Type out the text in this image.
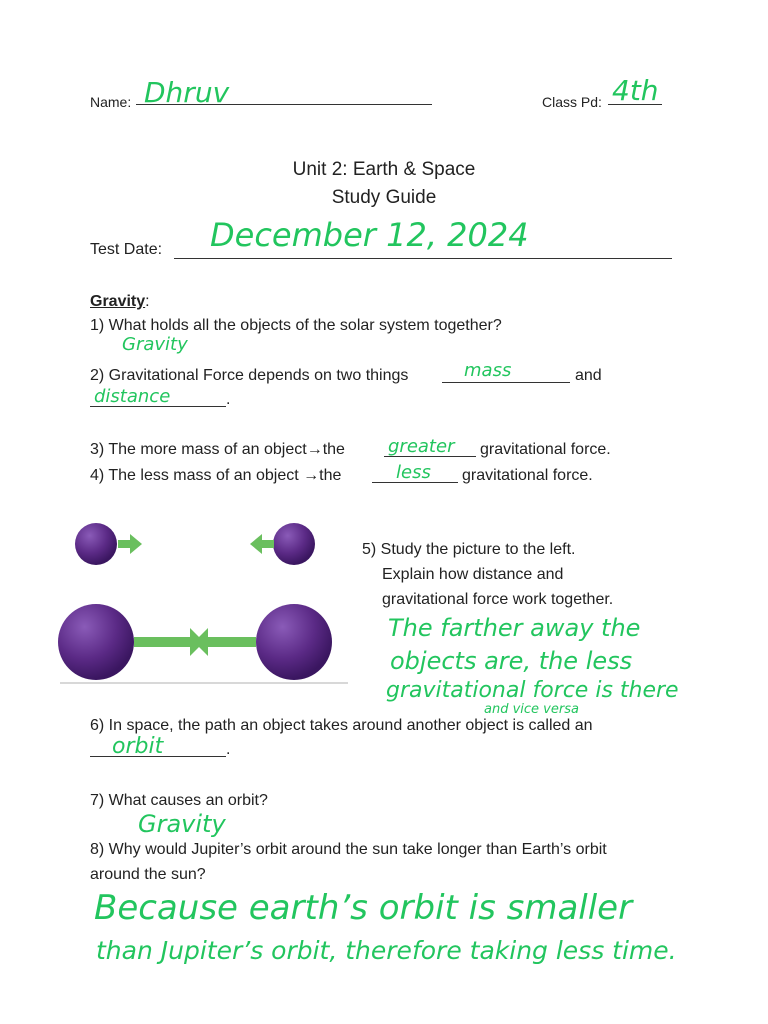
Name: Dhruv	Class Pd: 4th
Unit 2: Earth & Space
Study Guide
Test Date: December 12, 2024
Gravity:
1) What holds all the objects of the solar system together?
Gravity
2) Gravitational Force depends on two things	mass	and
distance	.
3) The more mass of an object→the greater gravitational force.
4) The less mass of an object →the	less gravitational force.
5) Study the picture to the left.
Explain how distance and
gravitational force work together.
The farther away the
objects are, the less
gravitational force is there
and vice versa
6) In space, the path an object takes around another object is called an
orbit	.
7) What causes an orbit?
Gravity
8) Why would Jupiter’s orbit around the sun take longer than Earth’s orbit
around the sun?
Because earth’s orbit is smaller
than Jupiter’s orbit, therefore taking less time.
